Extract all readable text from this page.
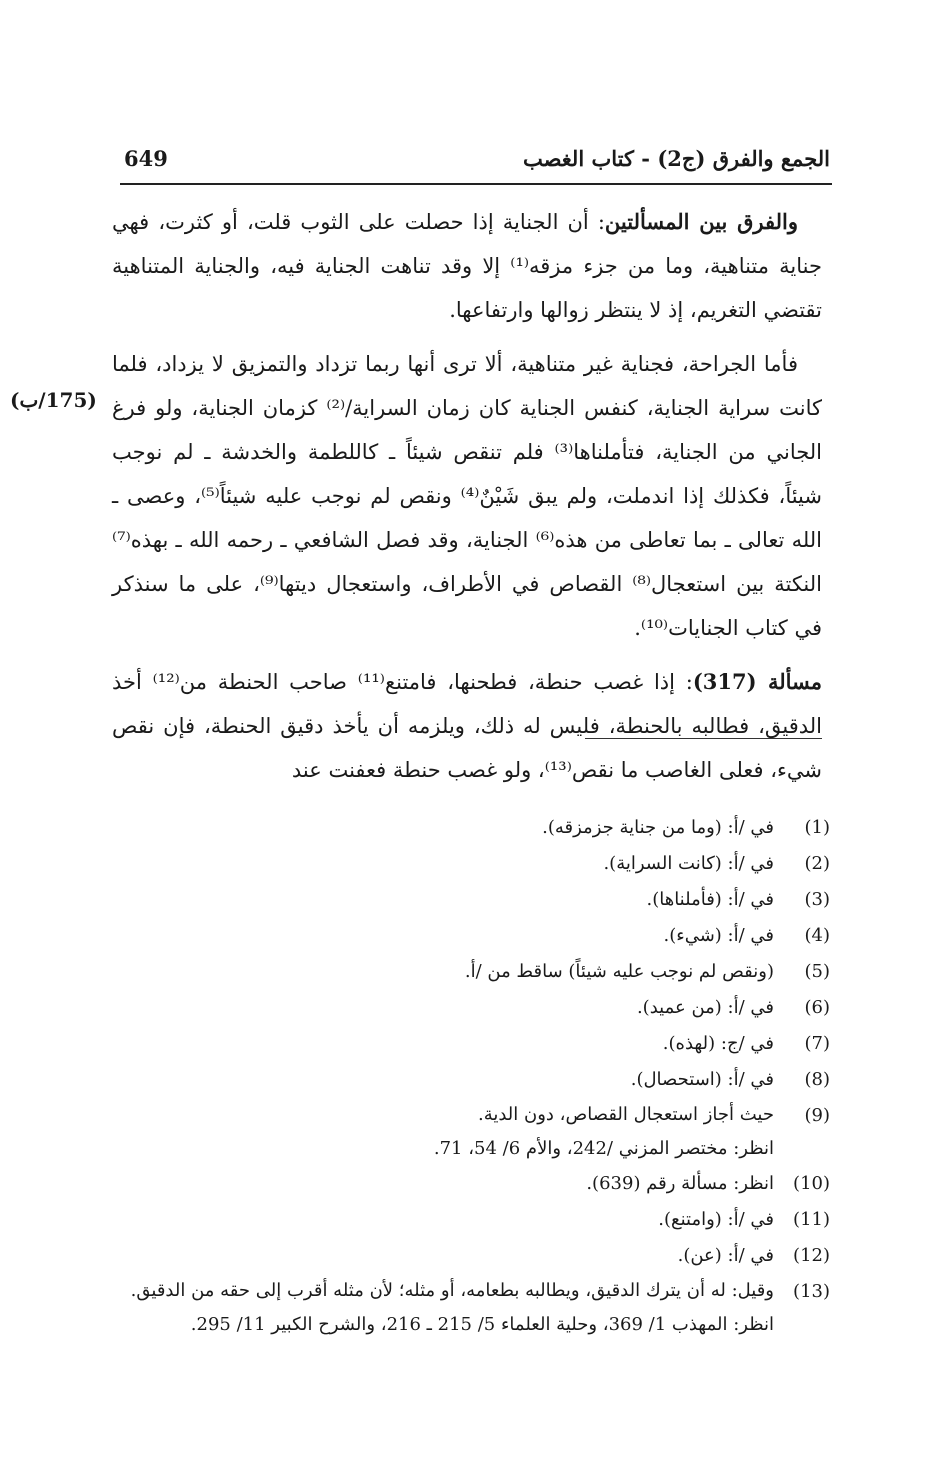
الجمع والفرق (ج2) - كتاب الغصب
649
(175/ب)

والفرق بين المسألتين: أن الجناية إذا حصلت على الثوب قلت، أو كثرت، فهي جناية متناهية، وما من جزء مزقه⁽¹⁾ إلا وقد تناهت الجناية فيه، والجناية المتناهية تقتضي التغريم، إذ لا ينتظر زوالها وارتفاعها.

فأما الجراحة، فجناية غير متناهية، ألا ترى أنها ربما تزداد والتمزيق لا يزداد، فلما كانت سراية الجناية، كنفس الجناية كان زمان السراية/⁽²⁾ كزمان الجناية، ولو فرغ الجاني من الجناية، فتأملناها⁽³⁾ فلم تنقص شيئاً ـ كاللطمة والخدشة ـ لم نوجب شيئاً، فكذلك إذا اندملت، ولم يبق شَيْنٌ⁽⁴⁾ ونقص لم نوجب عليه شيئاً⁽⁵⁾، وعصى ـ الله تعالى ـ بما تعاطى من هذه⁽⁶⁾ الجناية، وقد فصل الشافعي ـ رحمه الله ـ بهذه⁽⁷⁾ النكتة بين استعجال⁽⁸⁾ القصاص في الأطراف، واستعجال ديتها⁽⁹⁾، على ما سنذكر في كتاب الجنايات⁽¹⁰⁾.

مسألة (317): إذا غصب حنطة، فطحنها، فامتنع⁽¹¹⁾ صاحب الحنطة من⁽¹²⁾ أخذ الدقيق، فطالبه بالحنطة، فليس له ذلك، ويلزمه أن يأخذ دقيق الحنطة، فإن نقص شيء، فعلى الغاصب ما نقص⁽¹³⁾، ولو غصب حنطة فعفنت عند

(1)
في /أ: (وما من جناية جزمزقه).
(2)
في /أ: (كانت السراية).
(3)
في /أ: (فأملناها).
(4)
في /أ: (شيء).
(5)
(ونقص لم نوجب عليه شيئاً) ساقط من /أ.
(6)
في /أ: (من عميد).
(7)
في /ج: (لهذه).
(8)
في /أ: (استحصال).
(9)
حيث أجاز استعجال القصاص، دون الدية.
انظر: مختصر المزني /242، والأم 6/ 54، 71.
(10)
انظر: مسألة رقم (639).
(11)
في /أ: (وامتنع).
(12)
في /أ: (عن).
(13)
وقيل: له أن يترك الدقيق، ويطالبه بطعامه، أو مثله؛ لأن مثله أقرب إلى حقه من الدقيق.
انظر: المهذب 1/ 369، وحلية العلماء 5/ 215 ـ 216، والشرح الكبير 11/ 295.
